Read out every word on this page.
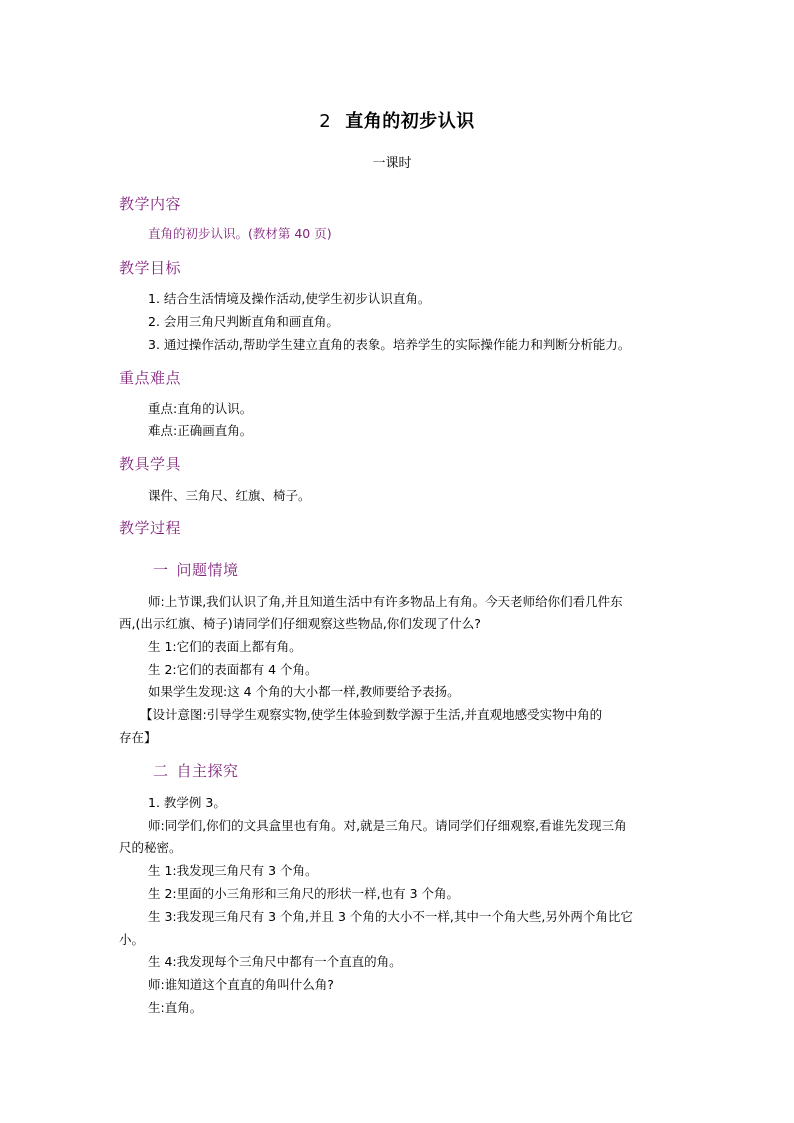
2 直角的初步认识
一课时
教学内容
直角的初步认识。(教材第 40 页)
教学目标
1. 结合生活情境及操作活动,使学生初步认识直角。
2. 会用三角尺判断直角和画直角。
3. 通过操作活动,帮助学生建立直角的表象。培养学生的实际操作能力和判断分析能力。
重点难点
重点:直角的认识。
难点:正确画直角。
教具学具
课件、三角尺、红旗、椅子。
教学过程
一 问题情境
师:上节课,我们认识了角,并且知道生活中有许多物品上有角。今天老师给你们看几件东
西,(出示红旗、椅子)请同学们仔细观察这些物品,你们发现了什么?
生 1:它们的表面上都有角。
生 2:它们的表面都有 4 个角。
如果学生发现:这 4 个角的大小都一样,教师要给予表扬。
【设计意图:引导学生观察实物,使学生体验到数学源于生活,并直观地感受实物中角的
存在】
二 自主探究
1. 教学例 3。
师:同学们,你们的文具盒里也有角。对,就是三角尺。请同学们仔细观察,看谁先发现三角
尺的秘密。
生 1:我发现三角尺有 3 个角。
生 2:里面的小三角形和三角尺的形状一样,也有 3 个角。
生 3:我发现三角尺有 3 个角,并且 3 个角的大小不一样,其中一个角大些,另外两个角比它
小。
生 4:我发现每个三角尺中都有一个直直的角。
师:谁知道这个直直的角叫什么角?
生:直角。
